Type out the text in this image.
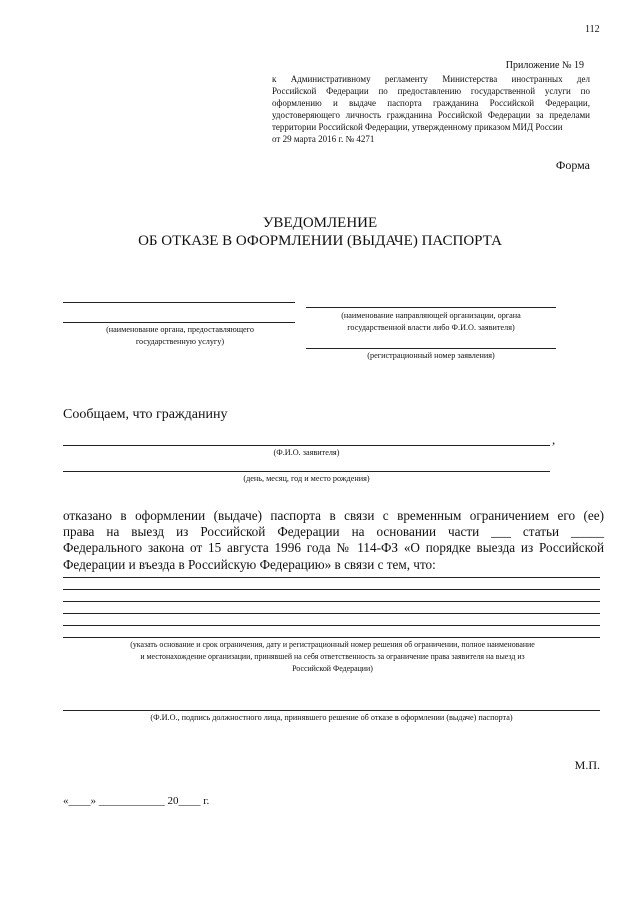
112
Приложение № 19
к Административному регламенту Министерства иностранных дел
Российской Федерации по предоставлению государственной услуги по
оформлению и выдаче паспорта гражданина Российской Федерации,
удостоверяющего личность гражданина Российской Федерации за пределами
территории Российской Федерации, утвержденному приказом МИД России
от 29 марта 2016 г. № 4271
Форма
УВЕДОМЛЕНИЕ
ОБ ОТКАЗЕ В ОФОРМЛЕНИИ (ВЫДАЧЕ) ПАСПОРТА
(наименование органа, предоставляющего
государственную услугу)
(наименование направляющей организации, органа
государственной власти либо Ф.И.О. заявителя)
(регистрационный номер заявления)
Сообщаем, что гражданину
,
(Ф.И.О. заявителя)
(день, месяц, год и место рождения)
отказано в оформлении (выдаче) паспорта в связи с временным ограничением его (ее)
права на выезд из Российской Федерации на основании части ___ статьи _____
Федерального закона от 15 августа 1996 года № 114-ФЗ «О порядке выезда из Российской
Федерации и въезда в Российскую Федерацию» в связи с тем, что:
(указать основание и срок ограничения, дату и регистрационный номер решения об ограничении, полное наименование
и местонахождение организации, принявшей на себя ответственность за ограничение права заявителя на выезд из
Российской Федерации)
(Ф.И.О., подпись должностного лица, принявшего решение об отказе в оформлении (выдаче) паспорта)
М.П.
«____» ____________ 20____ г.
